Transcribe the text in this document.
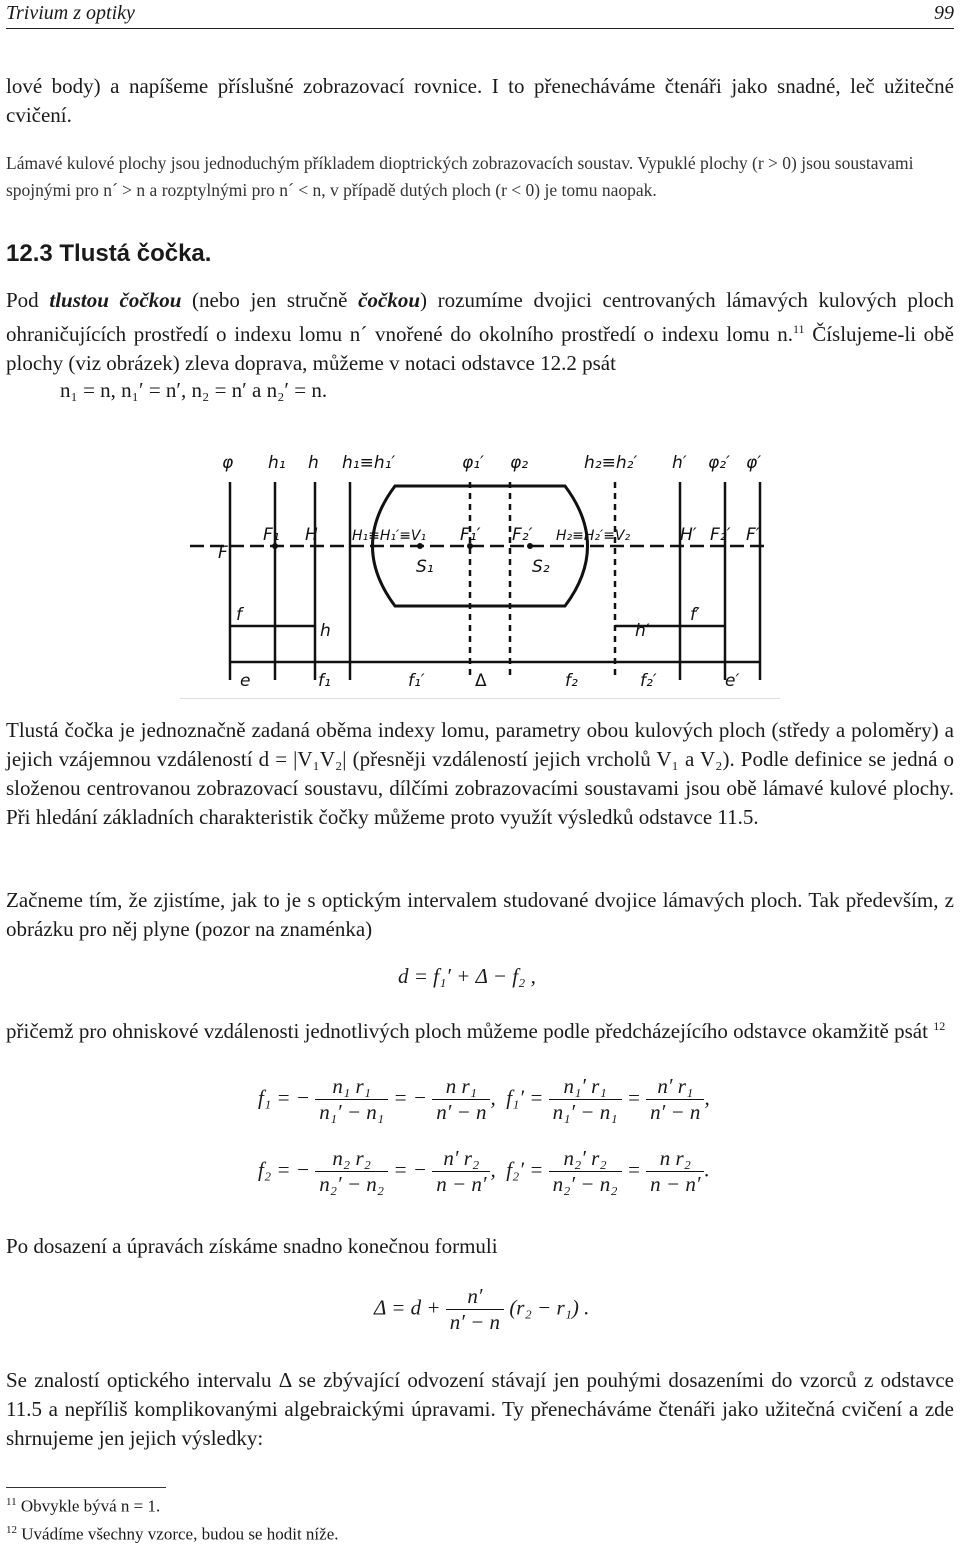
Trivium z optiky	99

lové body) a napíšeme příslušné zobrazovací rovnice. I to přenecháváme čtenáři jako snadné, leč užitečné cvičení.

Lámavé kulové plochy jsou jednoduchým příkladem dioptrických zobrazovacích soustav. Vypuklé plochy (r > 0) jsou soustavami spojnými pro n´ > n a rozptylnými pro n´ < n, v případě dutých ploch (r < 0) je tomu naopak.

12.3 Tlustá čočka.

Pod tlustou čočkou (nebo jen stručně čočkou) rozumíme dvojici centrovaných lámavých kulových ploch ohraničujících prostředí o indexu lomu n´ vnořené do okolního prostředí o indexu lomu n.$^{11}$ Číslujeme-li obě plochy (viz obrázek) zleva doprava, můžeme v notaci odstavce 12.2 psát

n₁ = n, n₁′ = n′, n₂ = n′ a n₂′ = n.
φ h₁ h h₁≡h₁′	φ₁′ φ₂	h₂≡h₂′ h′ φ₂′ φ′
F
F₁ H H₁≡H₁′≡V₁ F₁′ F₂′ H₂≡H₂′≡V₂	H′ F₂′ F′
S₁	S₂
f
h	h′
f′
e	f₁	f₁′	Δ	f₂	f₂′	e′

Tlustá čočka je jednoznačně zadaná oběma indexy lomu, parametry obou kulových ploch (středy a poloměry) a jejich vzájemnou vzdáleností d = |V₁V₂| (přesněji vzdáleností jejich vrcholů V₁ a V₂). Podle definice se jedná o složenou centrovanou zobrazovací soustavu, dílčími zobrazovacími soustavami jsou obě lámavé kulové plochy. Při hledání základních charakteristik čočky můžeme proto využít výsledků odstavce 11.5.

Začneme tím, že zjistíme, jak to je s optickým intervalem studované dvojice lámavých ploch. Tak především, z obrázku pro něj plyne (pozor na znaménka)

d = f₁′ + Δ − f₂ ,

přičemž pro ohniskové vzdálenosti jednotlivých ploch můžeme podle předcházejícího odstavce okamžitě psát $^{12}$

f₁ = − $\frac{\text{n₁ r₁}}{\text{n₁′ − n₁}}$ = − $\frac{\text{n r₁}}{n' - n}$ , $f_1' = \frac{\text{n₁′ r₁}}{\text{n₁′ − n₁}} = \frac{\text{n′ r₁}}{n' - n}$ ,
f₂ = − $\frac{\text{n₂ r₂}}{\text{n₂′ − n₂}}$ = − $\frac{\text{n′ r₂}}{n - n'}$ , $f_2' = \frac{\text{n₂′ r₂}}{\text{n₂′ − n₂}} = \frac{\text{n r₂}}{n - n'}$ .

Po dosazení a úpravách získáme snadno konečnou formuli

$\Delta = d + \frac{n'}{n' - n} (r_2 - r_1)$ .

Se znalostí optického intervalu Δ se zbývající odvození stávají jen pouhými dosazeními do vzorců z odstavce 11.5 a nepříliš komplikovanými algebraickými úpravami. Ty přenecháváme čtenáři jako užitečná cvičení a zde shrnujeme jen jejich výsledky:

$^{11}$ Obvykle bývá n = 1.
$^{12}$ Uvádíme všechny vzorce, budou se hodit níže.
